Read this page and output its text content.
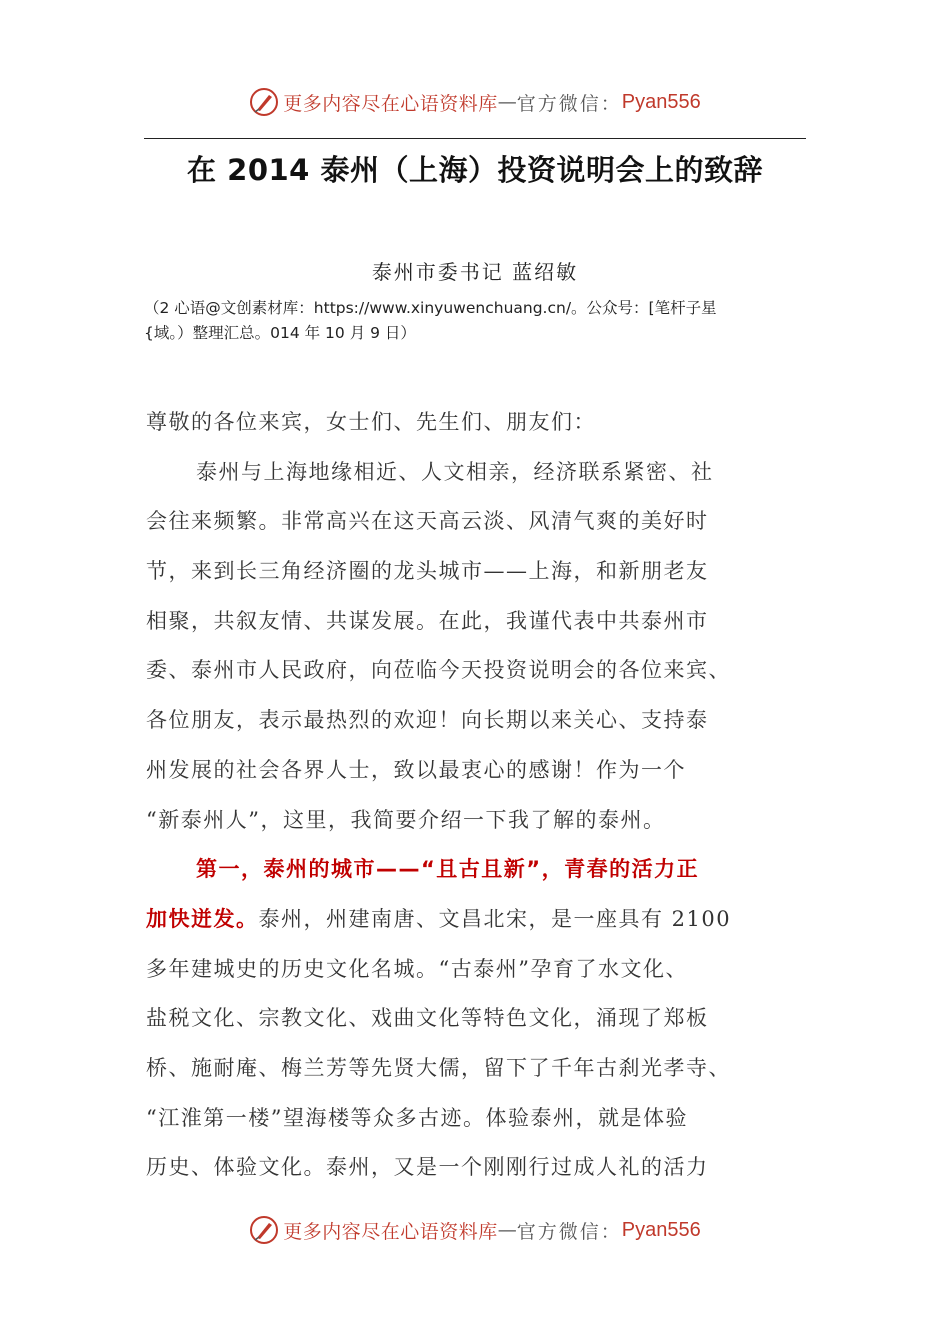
更多内容尽在心语资料库 — 官方微信： Pyan556
在 2014 泰州（上海）投资说明会上的致辞
泰州市委书记 蓝绍敏
（2 心语@文创素材库：https://www.xinyuwenchuang.cn/。公众号：[笔杆子星
{域。）整理汇总。014 年 10 月 9 日）
尊敬的各位来宾，女士们、先生们、朋友们：
泰州与上海地缘相近、人文相亲，经济联系紧密、社
会往来频繁。非常高兴在这天高云淡、风清气爽的美好时
节，来到长三角经济圈的龙头城市——上海，和新朋老友
相聚，共叙友情、共谋发展。在此，我谨代表中共泰州市
委、泰州市人民政府，向莅临今天投资说明会的各位来宾、
各位朋友，表示最热烈的欢迎！向长期以来关心、支持泰
州发展的社会各界人士，致以最衷心的感谢！作为一个
“新泰州人”，这里，我简要介绍一下我了解的泰州。
第一，泰州的城市——“且古且新”，青春的活力正
加快迸发。泰州，州建南唐、文昌北宋，是一座具有 2100
多年建城史的历史文化名城。“古泰州”孕育了水文化、
盐税文化、宗教文化、戏曲文化等特色文化，涌现了郑板
桥、施耐庵、梅兰芳等先贤大儒，留下了千年古刹光孝寺、
“江淮第一楼”望海楼等众多古迹。体验泰州，就是体验
历史、体验文化。泰州，又是一个刚刚行过成人礼的活力
更多内容尽在心语资料库 — 官方微信： Pyan556
